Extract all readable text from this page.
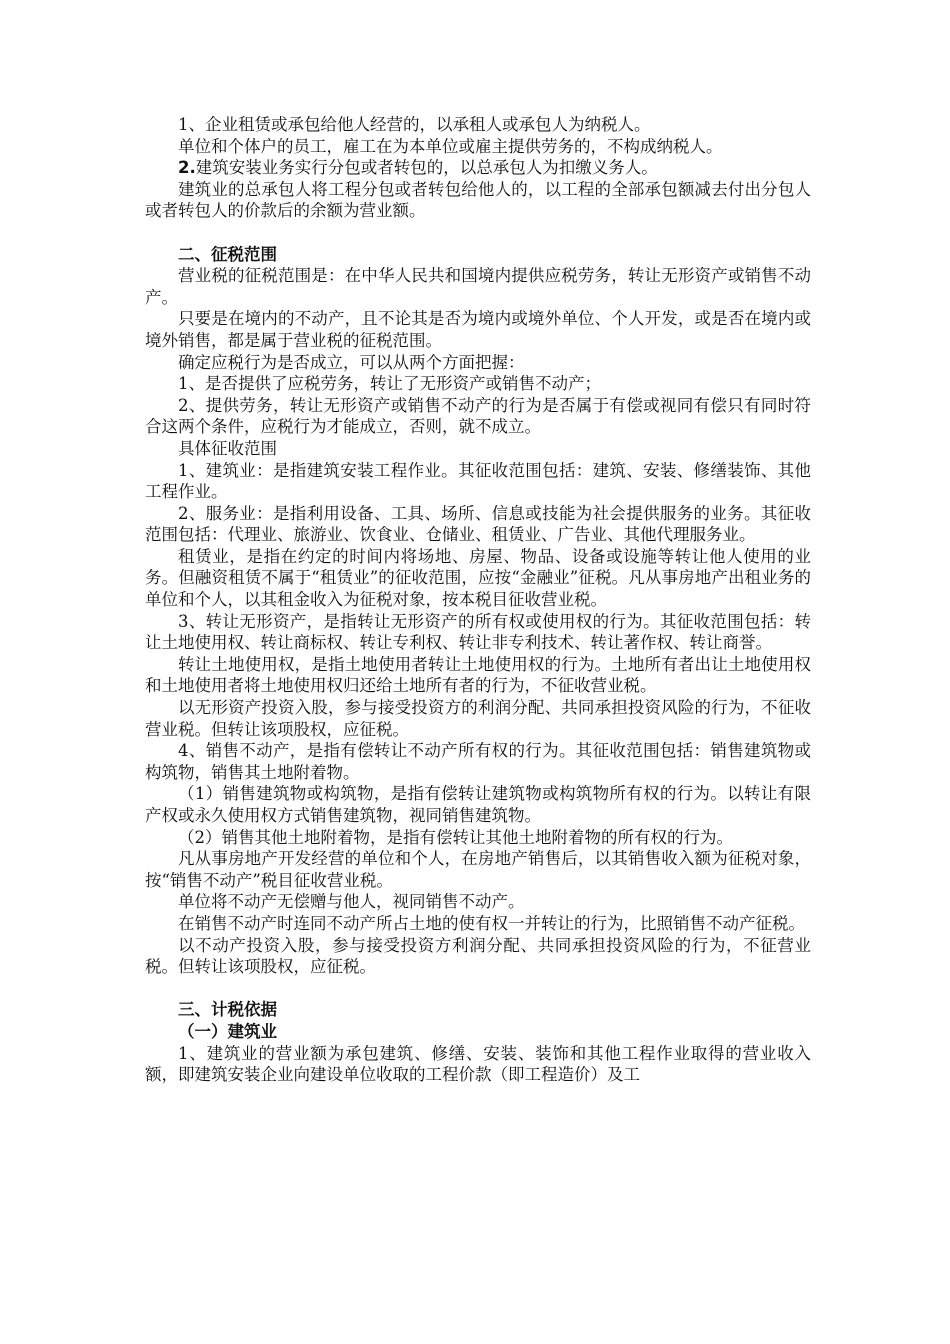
1、企业租赁或承包给他人经营的，以承租人或承包人为纳税人。

单位和个体户的员工，雇工在为本单位或雇主提供劳务的，不构成纳税人。

2.建筑安装业务实行分包或者转包的，以总承包人为扣缴义务人。

建筑业的总承包人将工程分包或者转包给他人的，以工程的全部承包额减去付出分包人或者转包人的价款后的余额为营业额。

二、征税范围

营业税的征税范围是：在中华人民共和国境内提供应税劳务，转让无形资产或销售不动产。

只要是在境内的不动产，且不论其是否为境内或境外单位、个人开发，或是否在境内或境外销售，都是属于营业税的征税范围。

确定应税行为是否成立，可以从两个方面把握：

1、是否提供了应税劳务，转让了无形资产或销售不动产；

2、提供劳务，转让无形资产或销售不动产的行为是否属于有偿或视同有偿只有同时符合这两个条件，应税行为才能成立，否则，就不成立。

具体征收范围

1、建筑业：是指建筑安装工程作业。其征收范围包括：建筑、安装、修缮装饰、其他工程作业。

2、服务业：是指利用设备、工具、场所、信息或技能为社会提供服务的业务。其征收范围包括：代理业、旅游业、饮食业、仓储业、租赁业、广告业、其他代理服务业。

租赁业，是指在约定的时间内将场地、房屋、物品、设备或设施等转让他人使用的业务。但融资租赁不属于“租赁业”的征收范围，应按“金融业”征税。凡从事房地产出租业务的单位和个人，以其租金收入为征税对象，按本税目征收营业税。

3、转让无形资产，是指转让无形资产的所有权或使用权的行为。其征收范围包括：转让土地使用权、转让商标权、转让专利权、转让非专利技术、转让著作权、转让商誉。

转让土地使用权，是指土地使用者转让土地使用权的行为。土地所有者出让土地使用权和土地使用者将土地使用权归还给土地所有者的行为，不征收营业税。

以无形资产投资入股，参与接受投资方的利润分配、共同承担投资风险的行为，不征收营业税。但转让该项股权，应征税。

4、销售不动产，是指有偿转让不动产所有权的行为。其征收范围包括：销售建筑物或构筑物，销售其土地附着物。

（1）销售建筑物或构筑物，是指有偿转让建筑物或构筑物所有权的行为。以转让有限产权或永久使用权方式销售建筑物，视同销售建筑物。

（2）销售其他土地附着物，是指有偿转让其他土地附着物的所有权的行为。

凡从事房地产开发经营的单位和个人，在房地产销售后，以其销售收入额为征税对象，按“销售不动产”税目征收营业税。

单位将不动产无偿赠与他人，视同销售不动产。

在销售不动产时连同不动产所占土地的使有权一并转让的行为，比照销售不动产征税。

以不动产投资入股，参与接受投资方利润分配、共同承担投资风险的行为，不征营业税。但转让该项股权，应征税。

三、计税依据

（一）建筑业

1、建筑业的营业额为承包建筑、修缮、安装、装饰和其他工程作业取得的营业收入额，即建筑安装企业向建设单位收取的工程价款（即工程造价）及工
